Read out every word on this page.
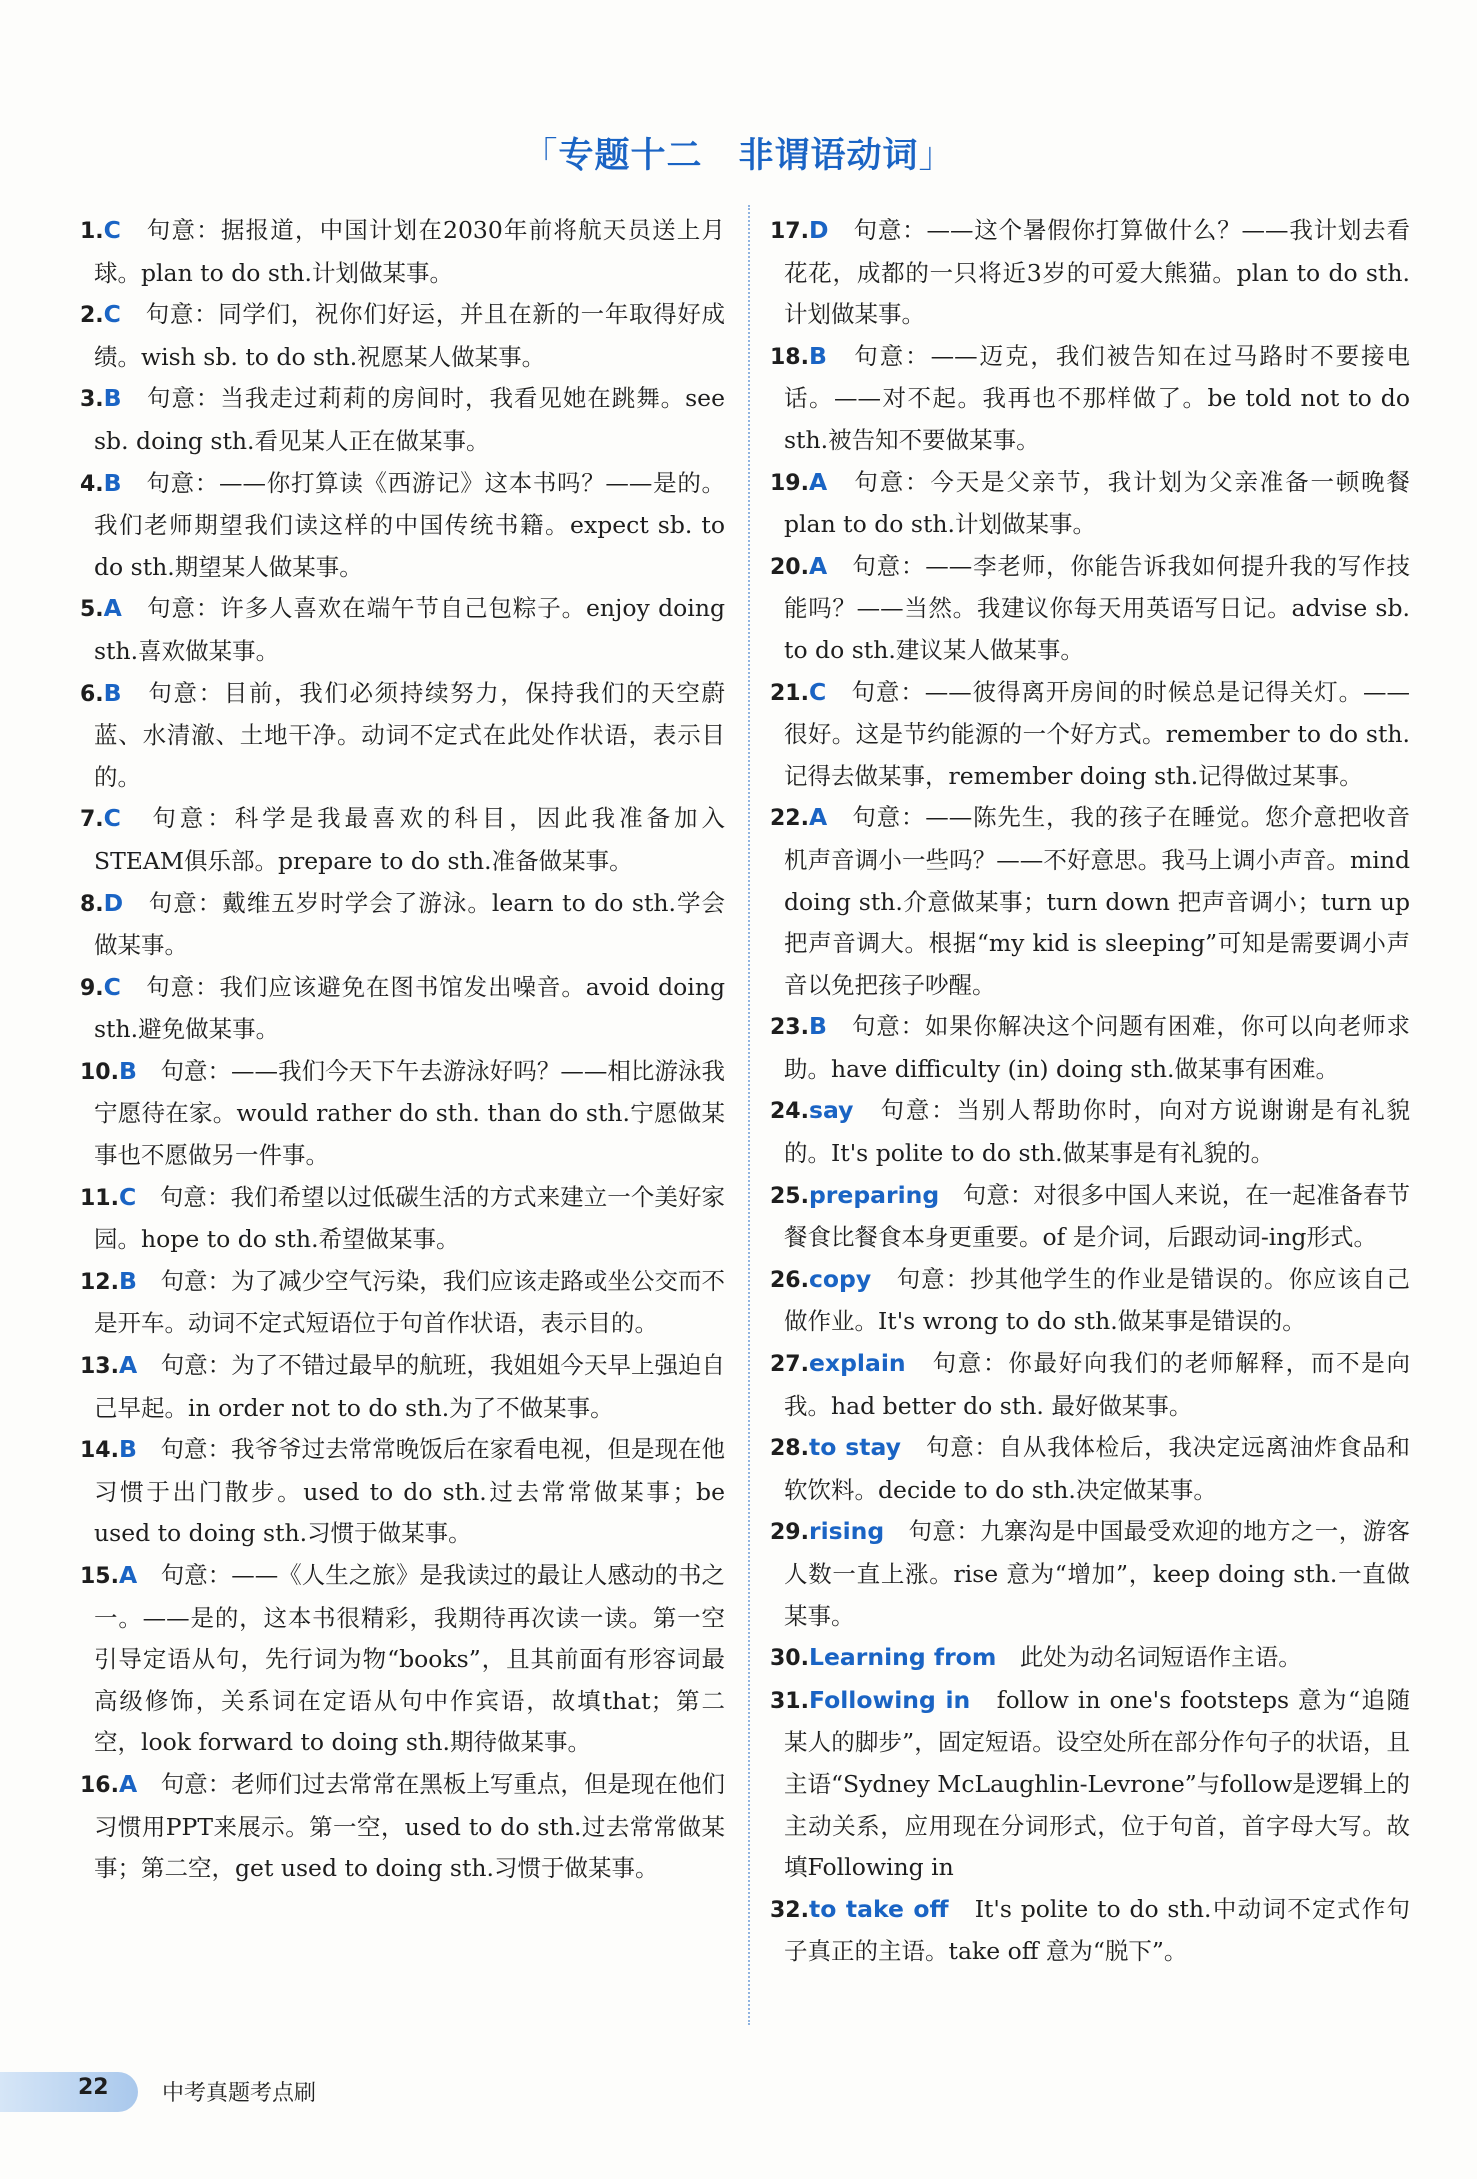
「专题十二　非谓语动词」

1.C　 句意：据报道，中国计划在2030年前将航天员送上月球。plan to do sth.计划做某事。

2.C　 句意：同学们，祝你们好运，并且在新的一年取得好成绩。wish sb. to do sth.祝愿某人做某事。

3.B　 句意：当我走过莉莉的房间时，我看见她在跳舞。see sb. doing sth.看见某人正在做某事。

4.B　 句意：——你打算读《西游记》这本书吗？——是的。我们老师期望我们读这样的中国传统书籍。expect sb. to do sth.期望某人做某事。

5.A　 句意：许多人喜欢在端午节自己包粽子。enjoy doing sth.喜欢做某事。

6.B　 句意：目前，我们必须持续努力，保持我们的天空蔚蓝、水清澈、土地干净。动词不定式在此处作状语，表示目的。

7.C　 句意：科学是我最喜欢的科目，因此我准备加入STEAM俱乐部。prepare to do sth.准备做某事。

8.D　 句意：戴维五岁时学会了游泳。learn to do sth.学会做某事。

9.C　 句意：我们应该避免在图书馆发出噪音。avoid doing sth.避免做某事。

10.B　 句意：——我们今天下午去游泳好吗？——相比游泳我宁愿待在家。would rather do sth. than do sth.宁愿做某事也不愿做另一件事。

11.C　 句意：我们希望以过低碳生活的方式来建立一个美好家园。hope to do sth.希望做某事。

12.B　 句意：为了减少空气污染，我们应该走路或坐公交而不是开车。动词不定式短语位于句首作状语，表示目的。

13.A　 句意：为了不错过最早的航班，我姐姐今天早上强迫自己早起。in order not to do sth.为了不做某事。

14.B　 句意：我爷爷过去常常晚饭后在家看电视，但是现在他习惯于出门散步。used to do sth.过去常常做某事；be used to doing sth.习惯于做某事。

15.A　 句意：——《人生之旅》是我读过的最让人感动的书之一。——是的，这本书很精彩，我期待再次读一读。第一空引导定语从句，先行词为物“books”，且其前面有形容词最高级修饰，关系词在定语从句中作宾语，故填that；第二空，look forward to doing sth.期待做某事。

16.A　 句意：老师们过去常常在黑板上写重点，但是现在他们习惯用PPT来展示。第一空，used to do sth.过去常常做某事；第二空，get used to doing sth.习惯于做某事。

17.D　 句意：——这个暑假你打算做什么？——我计划去看花花，成都的一只将近3岁的可爱大熊猫。plan to do sth.计划做某事。

18.B　 句意：——迈克，我们被告知在过马路时不要接电话。——对不起。我再也不那样做了。be told not to do sth.被告知不要做某事。

19.A　 句意：今天是父亲节，我计划为父亲准备一顿晚餐　plan to do sth.计划做某事。

20.A　 句意：——李老师，你能告诉我如何提升我的写作技能吗？——当然。我建议你每天用英语写日记。advise sb. to do sth.建议某人做某事。

21.C　 句意：——彼得离开房间的时候总是记得关灯。——很好。这是节约能源的一个好方式。remember to do sth.记得去做某事，remember doing sth.记得做过某事。

22.A　 句意：——陈先生，我的孩子在睡觉。您介意把收音机声音调小一些吗？——不好意思。我马上调小声音。mind doing sth.介意做某事；turn down 把声音调小；turn up 把声音调大。根据“my kid is sleeping”可知是需要调小声音以免把孩子吵醒。

23.B　 句意：如果你解决这个问题有困难，你可以向老师求助。have difficulty (in) doing sth.做某事有困难。

24.say　 句意：当别人帮助你时，向对方说谢谢是有礼貌的。It's polite to do sth.做某事是有礼貌的。

25.preparing　 句意：对很多中国人来说，在一起准备春节餐食比餐食本身更重要。of 是介词，后跟动词-ing形式。

26.copy　 句意：抄其他学生的作业是错误的。你应该自己做作业。It's wrong to do sth.做某事是错误的。

27.explain　 句意：你最好向我们的老师解释，而不是向我。had better do sth. 最好做某事。

28.to stay　 句意：自从我体检后，我决定远离油炸食品和软饮料。decide to do sth.决定做某事。

29.rising　 句意：九寨沟是中国最受欢迎的地方之一，游客人数一直上涨。rise 意为“增加”，keep doing sth.一直做某事。

30.Learning from　 此处为动名词短语作主语。

31.Following in　 follow in one's footsteps 意为“追随某人的脚步”，固定短语。设空处所在部分作句子的状语，且主语“Sydney McLaughlin-Levrone”与follow是逻辑上的主动关系，应用现在分词形式，位于句首，首字母大写。故填Following in

32.to take off　 It's polite to do sth.中动词不定式作句子真正的主语。take off 意为“脱下”。

22 中考真题考点刷
